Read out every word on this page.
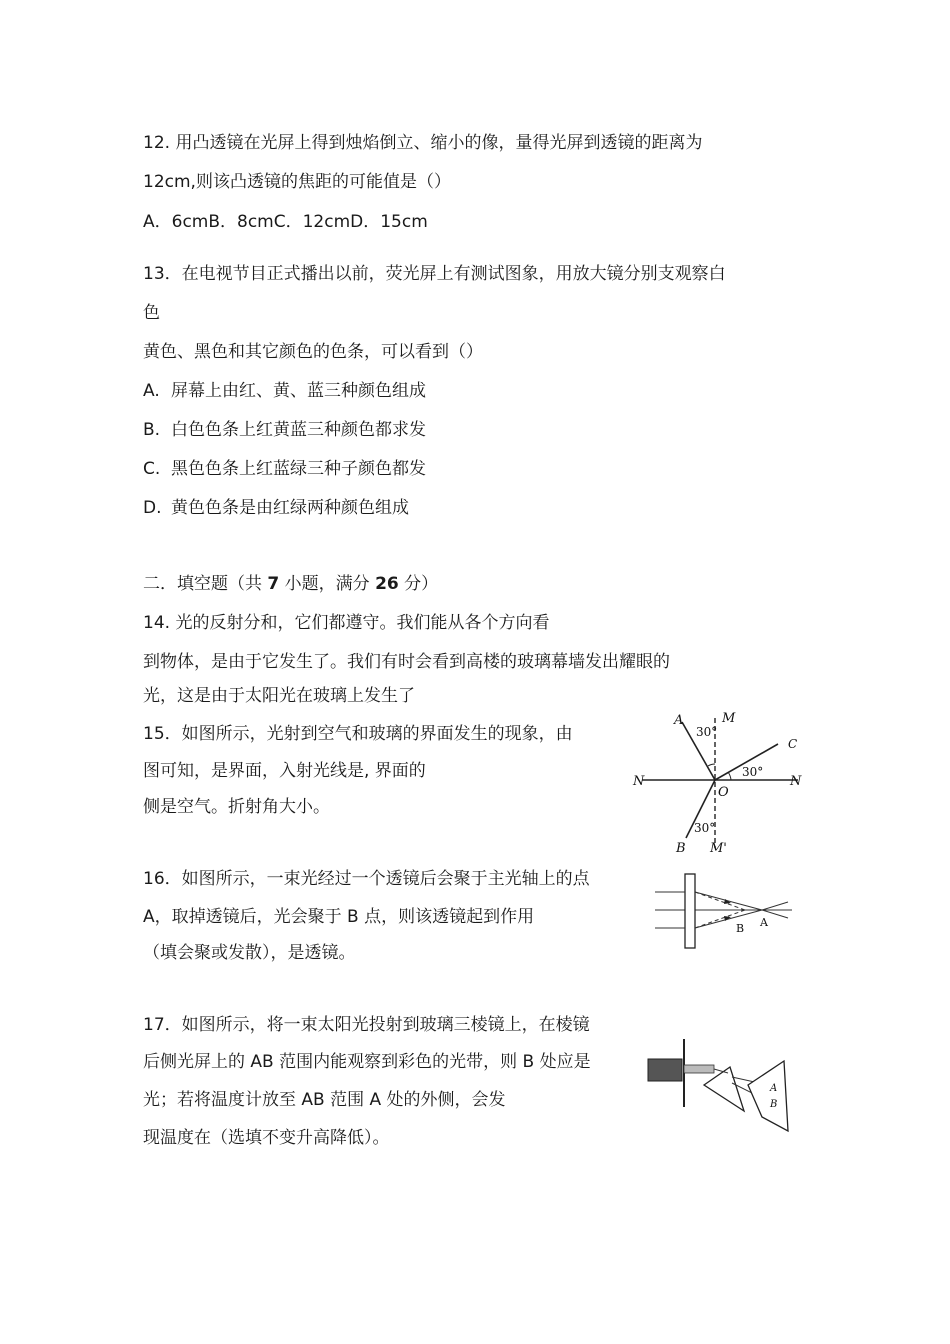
12. 用凸透镜在光屏上得到烛焰倒立、缩小的像，量得光屏到透镜的距离为
12cm,则该凸透镜的焦距的可能值是（）
A．6cmB．8cmC．12cmD．15cm
13．在电视节目正式播出以前，荧光屏上有测试图象，用放大镜分别支观察白
色
黄色、黑色和其它颜色的色条，可以看到（）
A. 屏幕上由红、黄、蓝三种颜色组成
B. 白色色条上红黄蓝三种颜色都求发
C. 黑色色条上红蓝绿三种子颜色都发
D. 黄色色条是由红绿两种颜色组成
二．填空题（共 7 小题，满分 26 分）
14. 光的反射分和，它们都遵守。我们能从各个方向看
到物体，是由于它发生了。我们有时会看到高楼的玻璃幕墙发出耀眼的
光，这是由于太阳光在玻璃上发生了
15．如图所示，光射到空气和玻璃的界面发生的现象，由
图可知，是界面，入射光线是, 界面的
侧是空气。折射角大小。
A	M
30°
C
30°
N	N
O
30°
B M'
16．如图所示，一束光经过一个透镜后会聚于主光轴上的点
A，取掉透镜后，光会聚于 B 点，则该透镜起到作用
（填会聚或发散），是透镜。
B A
17．如图所示，将一束太阳光投射到玻璃三棱镜上，在棱镜
后侧光屏上的 AB 范围内能观察到彩色的光带，则 B 处应是
光；若将温度计放至 AB 范围 A 处的外侧，会发
现温度在（选填不变升高降低）。
A
B
